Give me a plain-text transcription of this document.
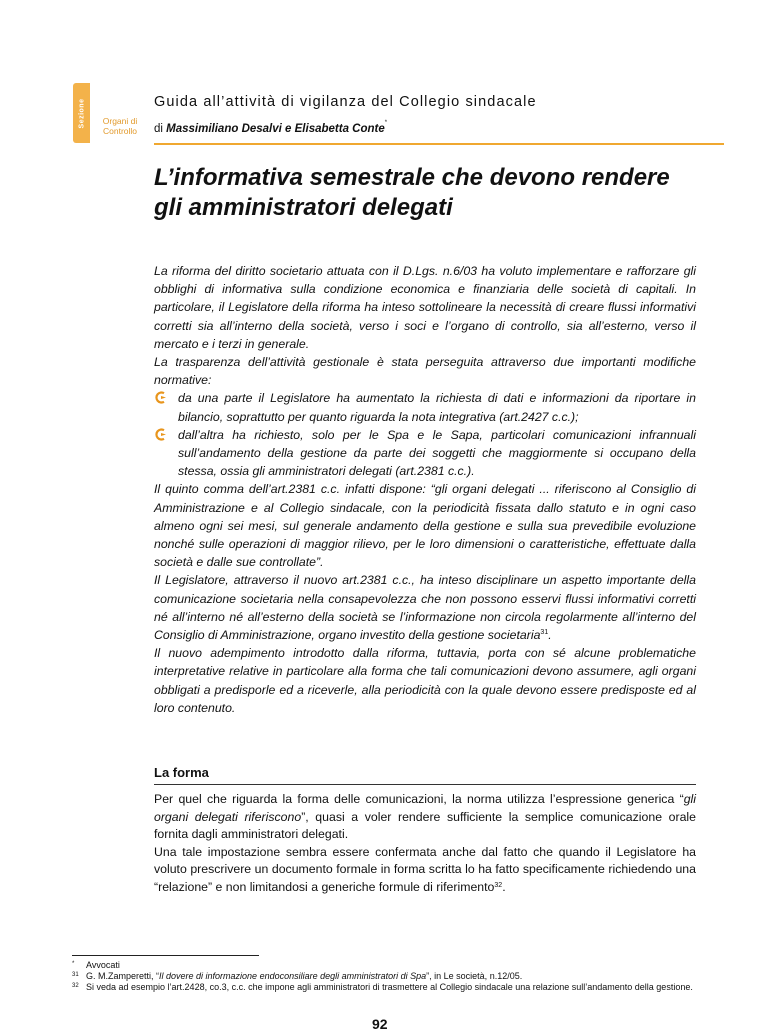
Sezione	Organi di
Controllo
Guida all’attività di vigilanza del Collegio sindacale
di Massimiliano Desalvi e Elisabetta Conte*
L’informativa semestrale che devono rendere
gli amministratori delegati

La riforma del diritto societario attuata con il D.Lgs. n.6/03 ha voluto implementare e rafforzare gli obblighi di informativa sulla condizione economica e finanziaria delle società di capitali. In particolare, il Legislatore della riforma ha inteso sottolineare la necessità di creare flussi informativi corretti sia all’interno della società, verso i soci e l’organo di controllo, sia all’esterno, verso il mercato e i terzi in generale.

La trasparenza dell’attività gestionale è stata perseguita attraverso due importanti modifiche normative:

da una parte il Legislatore ha aumentato la richiesta di dati e informazioni da riportare in bilancio, soprattutto per quanto riguarda la nota integrativa (art.2427 c.c.);
dall’altra ha richiesto, solo per le Spa e le Sapa, particolari comunicazioni infrannuali sull’andamento della gestione da parte dei soggetti che maggiormente si occupano della stessa, ossia gli amministratori delegati (art.2381 c.c.).

Il quinto comma dell’art.2381 c.c. infatti dispone: “gli organi delegati ... riferiscono al Consiglio di Amministrazione e al Collegio sindacale, con la periodicità fissata dallo statuto e in ogni caso almeno ogni sei mesi, sul generale andamento della gestione e sulla sua prevedibile evoluzione nonché sulle operazioni di maggior rilievo, per le loro dimensioni o caratteristiche, effettuate dalla società e dalle sue controllate”.

Il Legislatore, attraverso il nuovo art.2381 c.c., ha inteso disciplinare un aspetto importante della comunicazione societaria nella consapevolezza che non possono esservi flussi informativi corretti né all’interno né all’esterno della società se l’informazione non circola regolarmente all’interno del Consiglio di Amministrazione, organo investito della gestione societaria$^{31}$.

Il nuovo adempimento introdotto dalla riforma, tuttavia, porta con sé alcune problematiche interpretative relative in particolare alla forma che tali comunicazioni devono assumere, agli organi obbligati a predisporle ed a riceverle, alla periodicità con la quale devono essere predisposte ed al loro contenuto.

La forma

Per quel che riguarda la forma delle comunicazioni, la norma utilizza l’espressione generica “gli organi delegati riferiscono”, quasi a voler rendere sufficiente la semplice comunicazione orale fornita dagli amministratori delegati.

Una tale impostazione sembra essere confermata anche dal fatto che quando il Legislatore ha voluto prescrivere un documento formale in forma scritta lo ha fatto specificamente richiedendo una “relazione” e non limitandosi a generiche formule di riferimento$^{32}$.

* Avvocati
31 G. M.Zamperetti, “Il dovere di informazione endoconsiliare degli amministratori di Spa”, in Le società, n.12/05.
32 Si veda ad esempio l’art.2428, co.3, c.c. che impone agli amministratori di trasmettere al Collegio sindacale una relazione sull’andamento della gestione.
92
